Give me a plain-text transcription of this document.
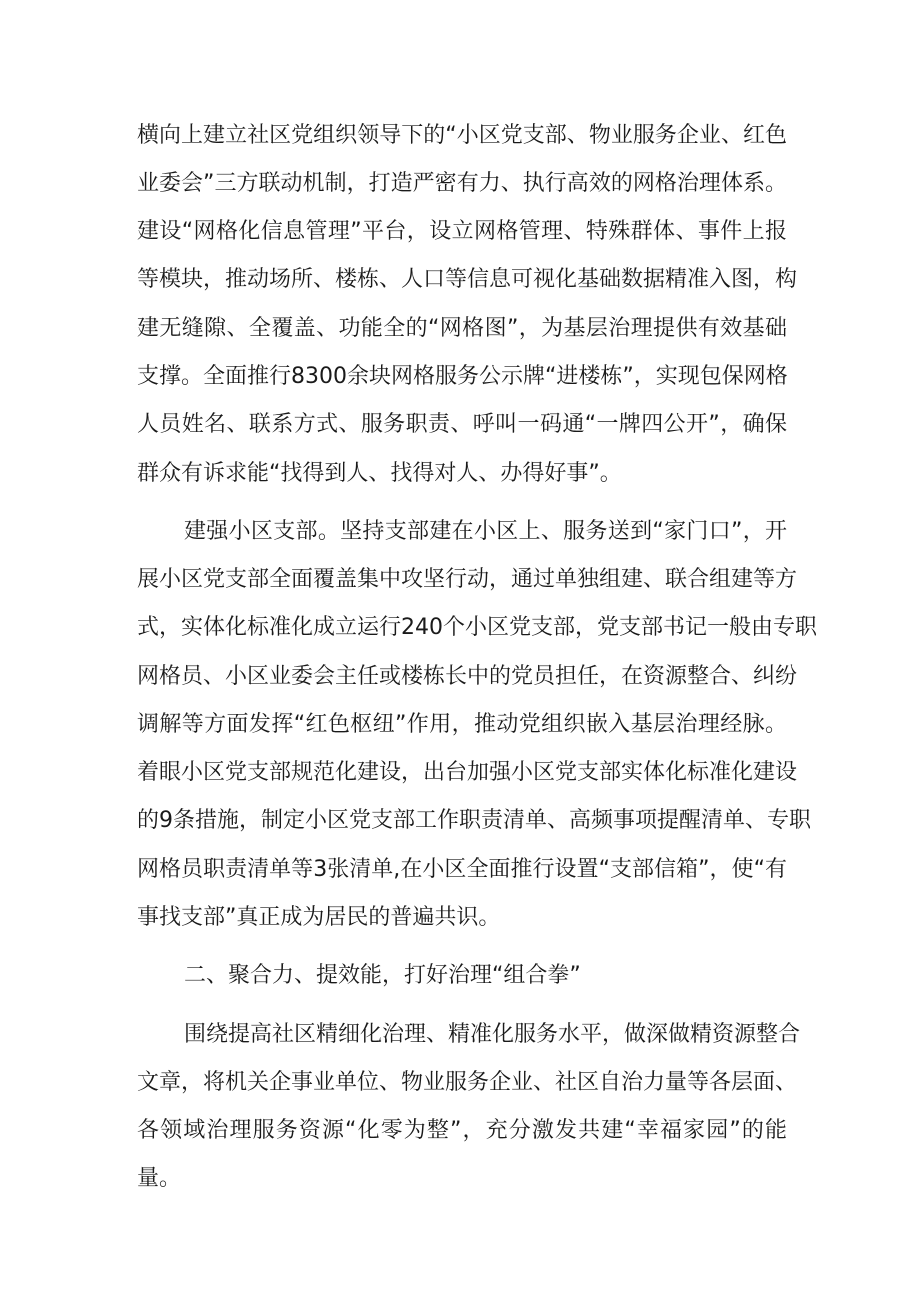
横向上建立社区党组织领导下的“小区党支部、物业服务企业、红色
业委会”三方联动机制，打造严密有力、执行高效的网格治理体系。
建设“网格化信息管理”平台，设立网格管理、特殊群体、事件上报
等模块，推动场所、楼栋、人口等信息可视化基础数据精准入图，构
建无缝隙、全覆盖、功能全的“网格图”，为基层治理提供有效基础
支撑。全面推行8300余块网格服务公示牌“进楼栋”，实现包保网格
人员姓名、联系方式、服务职责、呼叫一码通“一牌四公开”，确保
群众有诉求能“找得到人、找得对人、办得好事”。
建强小区支部。坚持支部建在小区上、服务送到“家门口”，开
展小区党支部全面覆盖集中攻坚行动，通过单独组建、联合组建等方
式，实体化标准化成立运行240个小区党支部，党支部书记一般由专职
网格员、小区业委会主任或楼栋长中的党员担任，在资源整合、纠纷
调解等方面发挥“红色枢纽”作用，推动党组织嵌入基层治理经脉。
着眼小区党支部规范化建设，出台加强小区党支部实体化标准化建设
的9条措施，制定小区党支部工作职责清单、高频事项提醒清单、专职
网格员职责清单等3张清单,在小区全面推行设置“支部信箱”，使“有
事找支部”真正成为居民的普遍共识。
二、聚合力、提效能，打好治理“组合拳”
围绕提高社区精细化治理、精准化服务水平，做深做精资源整合
文章，将机关企事业单位、物业服务企业、社区自治力量等各层面、
各领域治理服务资源“化零为整”，充分激发共建“幸福家园”的能
量。
